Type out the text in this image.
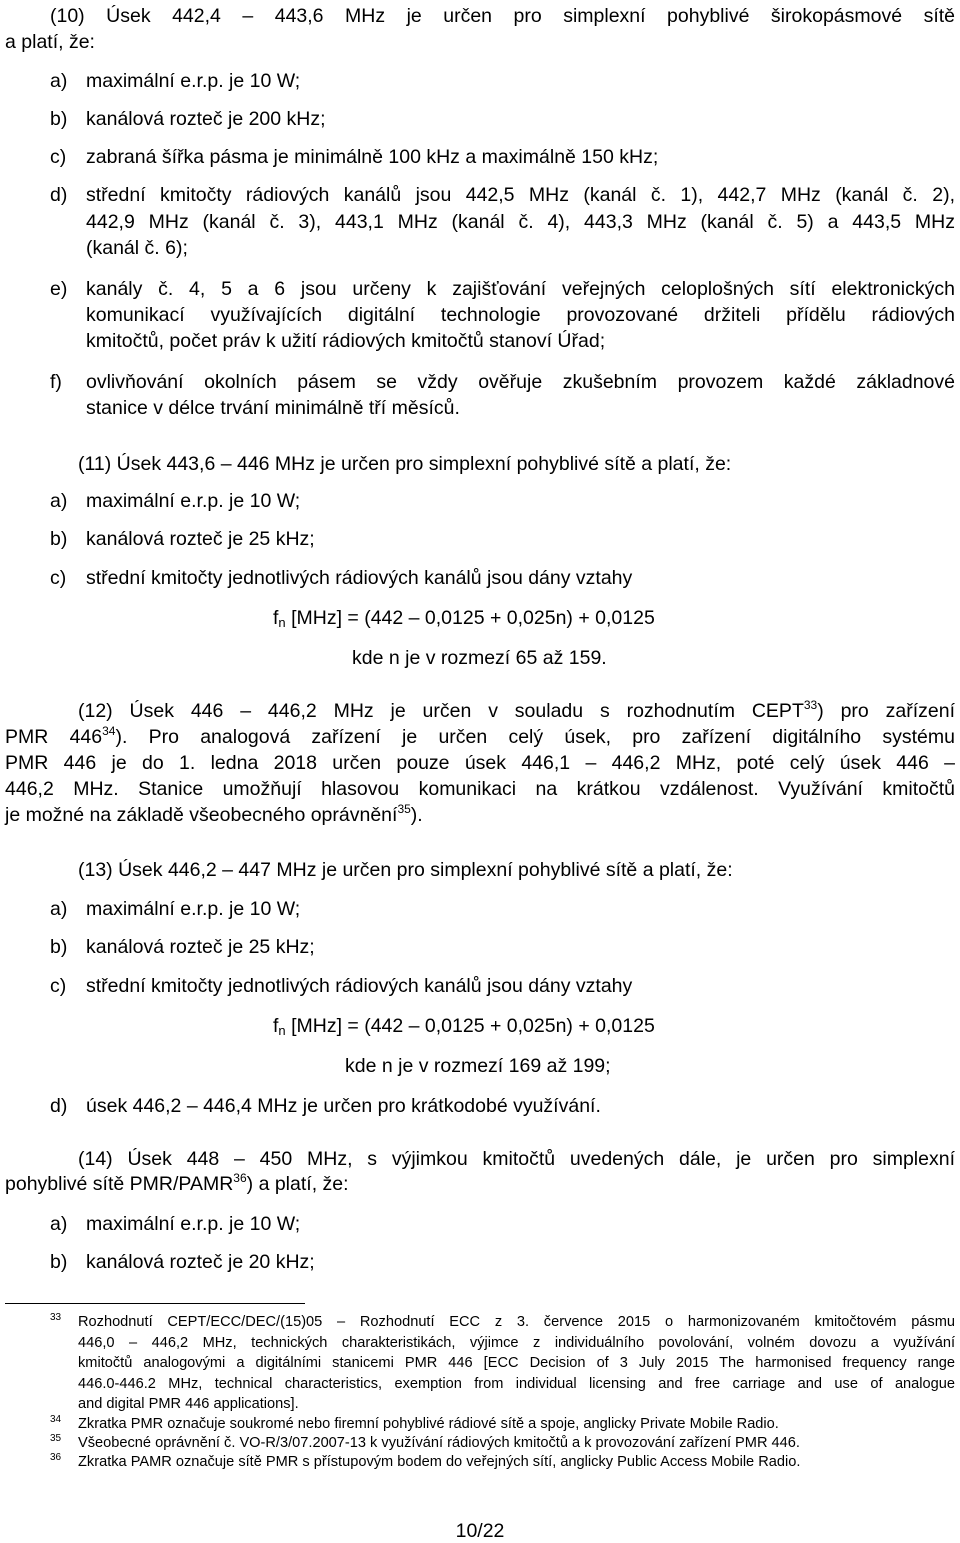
(10) Úsek 442,4 – 443,6 MHz je určen pro simplexní pohyblivé širokopásmové sítě
a platí, že:
a) maximální e.r.p. je 10 W;
b) kanálová rozteč je 200 kHz;
c) zabraná šířka pásma je minimálně 100 kHz a maximálně 150 kHz;
d) střední kmitočty rádiových kanálů jsou 442,5 MHz (kanál č. 1), 442,7 MHz (kanál č. 2),
442,9 MHz (kanál č. 3), 443,1 MHz (kanál č. 4), 443,3 MHz (kanál č. 5) a 443,5 MHz
(kanál č. 6);
e) kanály č. 4, 5 a 6 jsou určeny k zajišťování veřejných celoplošných sítí elektronických
komunikací využívajících digitální technologie provozované držiteli přídělu rádiových
kmitočtů, počet práv k užití rádiových kmitočtů stanoví Úřad;
f) ovlivňování okolních pásem se vždy ověřuje zkušebním provozem každé základnové
stanice v délce trvání minimálně tří měsíců.
(11) Úsek 443,6 – 446 MHz je určen pro simplexní pohyblivé sítě a platí, že:
a) maximální e.r.p. je 10 W;
b) kanálová rozteč je 25 kHz;
c) střední kmitočty jednotlivých rádiových kanálů jsou dány vztahy
$f_n$ [MHz] = (442 – 0,0125 + 0,025n) + 0,0125
kde n je v rozmezí 65 až 159.
(12) Úsek 446 – 446,2 MHz je určen v souladu s rozhodnutím CEPT$^{33}$) pro zařízení
PMR $446^{34}$). Pro analogová zařízení je určen celý úsek, pro zařízení digitálního systému
PMR 446 je do 1. ledna 2018 určen pouze úsek 446,1 – 446,2 MHz, poté celý úsek 446 –
446,2 MHz. Stanice umožňují hlasovou komunikaci na krátkou vzdálenost. Využívání kmitočtů
je možné na základě všeobecného oprávnění$^{35}$).
(13) Úsek 446,2 – 447 MHz je určen pro simplexní pohyblivé sítě a platí, že:
a) maximální e.r.p. je 10 W;
b) kanálová rozteč je 25 kHz;
c) střední kmitočty jednotlivých rádiových kanálů jsou dány vztahy
$f_n$ [MHz] = (442 – 0,0125 + 0,025n) + 0,0125
kde n je v rozmezí 169 až 199;
d) úsek 446,2 – 446,4 MHz je určen pro krátkodobé využívání.
(14) Úsek 448 – 450 MHz, s výjimkou kmitočtů uvedených dále, je určen pro simplexní
pohyblivé sítě PMR/PAMR$^{36}$) a platí, že:
a) maximální e.r.p. je 10 W;
b) kanálová rozteč je 20 kHz;
33 Rozhodnutí CEPT/ECC/DEC/(15)05 – Rozhodnutí ECC z 3. července 2015 o harmonizovaném kmitočtovém pásmu
446,0 – 446,2 MHz, technických charakteristikách, výjimce z individuálního povolování, volném dovozu a využívání
kmitočtů analogovými a digitálními stanicemi PMR 446 [ECC Decision of 3 July 2015 The harmonised frequency range
446.0-446.2 MHz, technical characteristics, exemption from individual licensing and free carriage and use of analogue
and digital PMR 446 applications].
34 Zkratka PMR označuje soukromé nebo firemní pohyblivé rádiové sítě a spoje, anglicky Private Mobile Radio.
35 Všeobecné oprávnění č. VO-R/3/07.2007-13 k využívání rádiových kmitočtů a k provozování zařízení PMR 446.
36 Zkratka PAMR označuje sítě PMR s přístupovým bodem do veřejných sítí, anglicky Public Access Mobile Radio.
10/22
